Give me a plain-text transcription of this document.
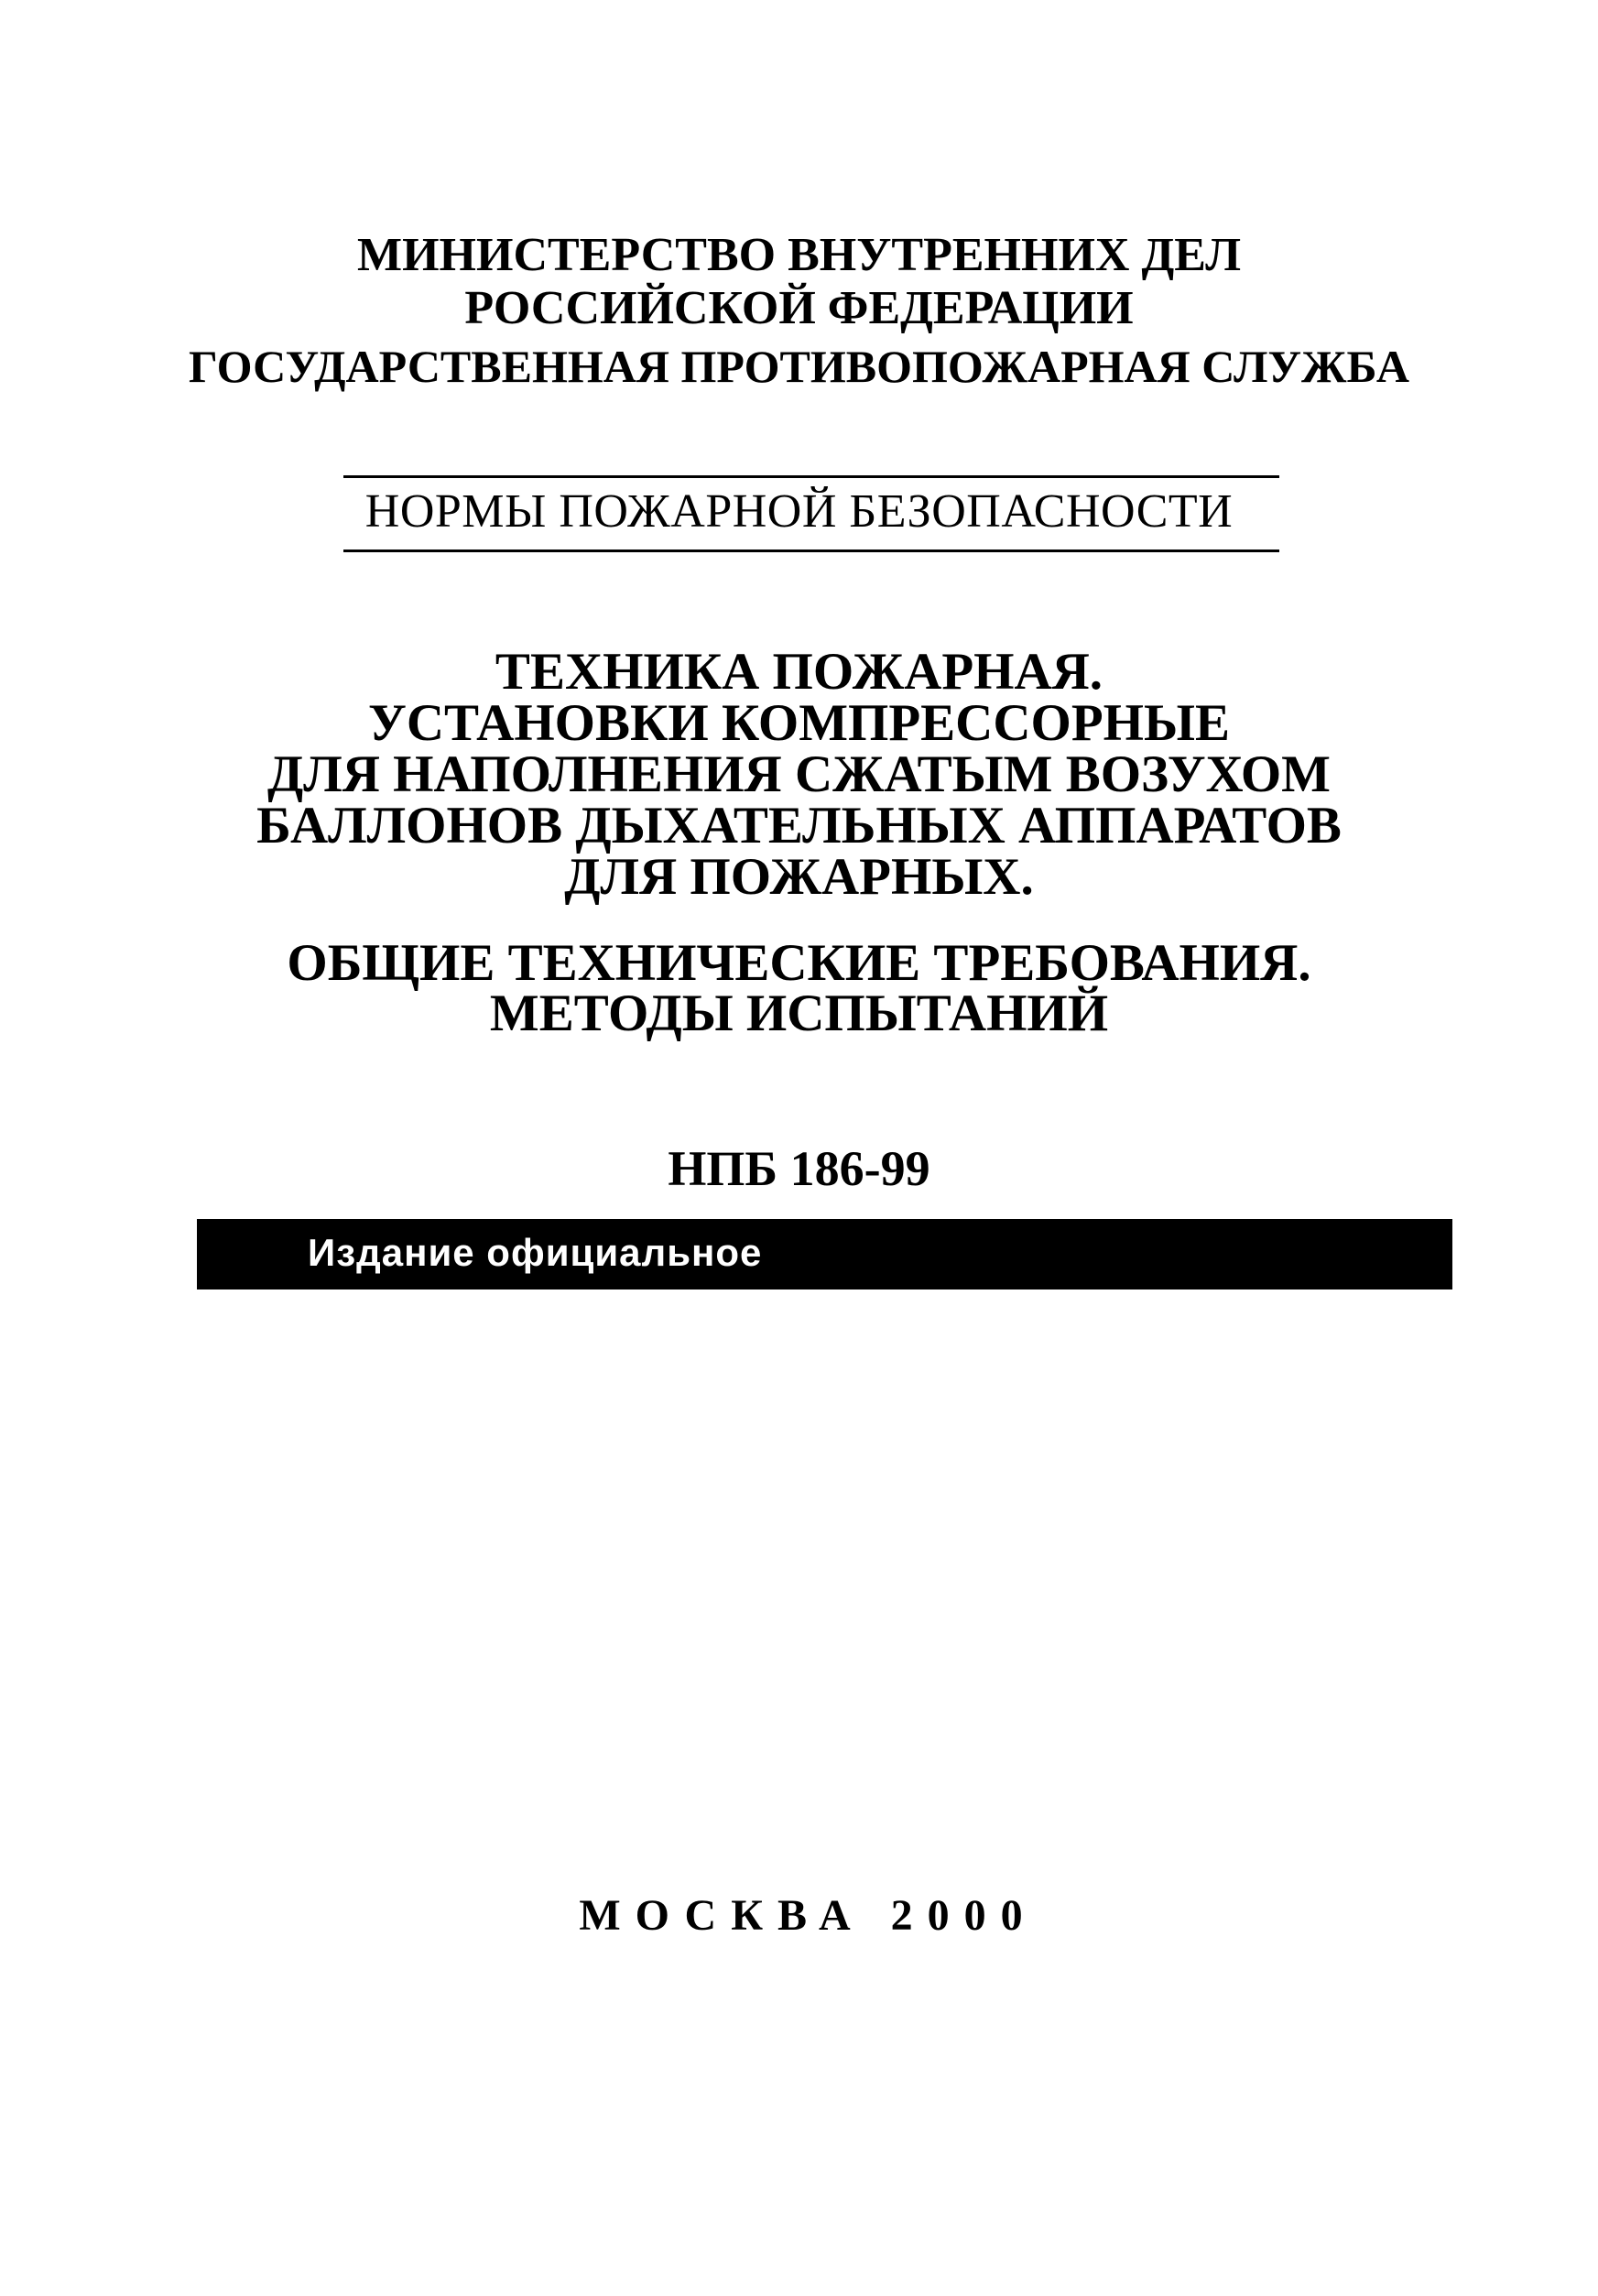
МИНИСТЕРСТВО ВНУТРЕННИХ ДЕЛ
РОССИЙСКОЙ ФЕДЕРАЦИИ
ГОСУДАРСТВЕННАЯ ПРОТИВОПОЖАРНАЯ СЛУЖБА
НОРМЫ ПОЖАРНОЙ БЕЗОПАСНОСТИ
ТЕХНИКА ПОЖАРНАЯ.
УСТАНОВКИ КОМПРЕССОРНЫЕ
ДЛЯ НАПОЛНЕНИЯ СЖАТЫМ ВОЗУХОМ
БАЛЛОНОВ ДЫХАТЕЛЬНЫХ АППАРАТОВ
ДЛЯ ПОЖАРНЫХ.
ОБЩИЕ ТЕХНИЧЕСКИЕ ТРЕБОВАНИЯ.
МЕТОДЫ ИСПЫТАНИЙ
НПБ 186-99
Издание официальное
МОСКВА 2000
